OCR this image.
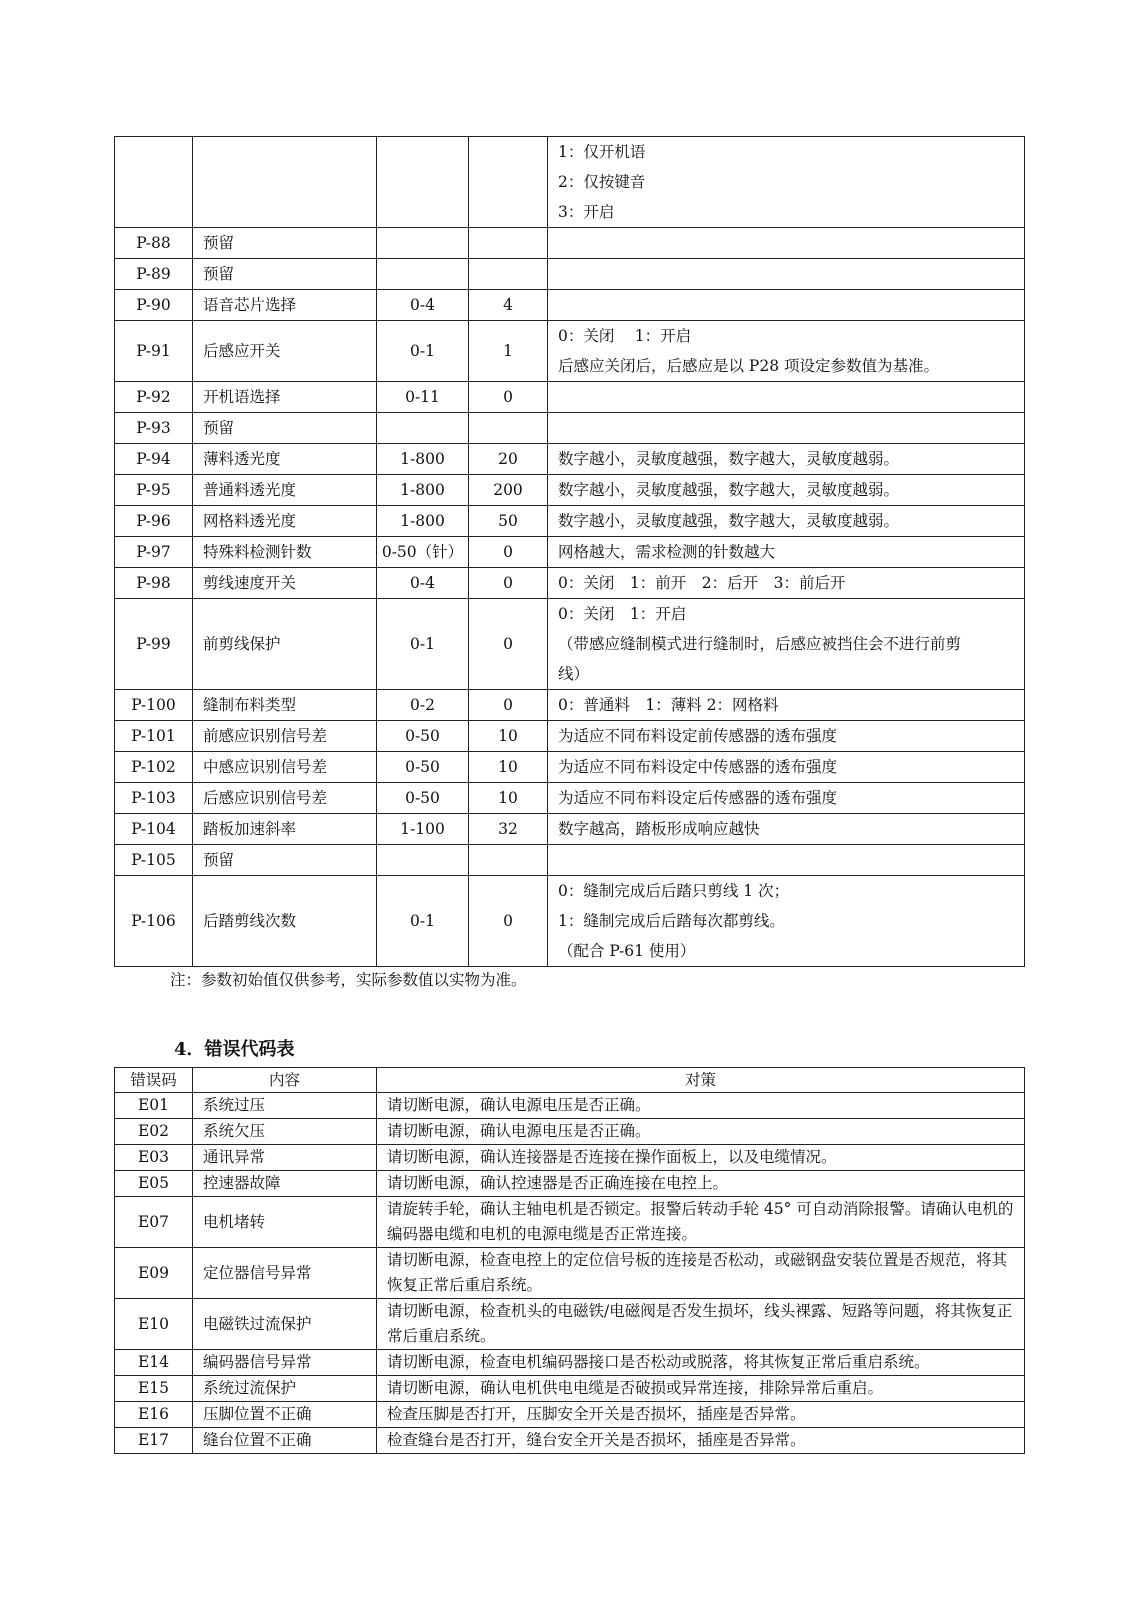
				1：仅开机语
2：仅按键音
3：开启

P-88	预留			
P-89	预留			
P-90	语音芯片选择	0-4	4	
P-91	后感应开关	0-1	1	0：关闭　 1：开启
后感应关闭后，后感应是以 P28 项设定参数值为基准。

P-92	开机语选择	0-11	0	
P-93	预留			
P-94	薄料透光度	1-800	20	数字越小，灵敏度越强，数字越大，灵敏度越弱。

P-95	普通料透光度	1-800	200	数字越小，灵敏度越强，数字越大，灵敏度越弱。

P-96	网格料透光度	1-800	50	数字越小，灵敏度越强，数字越大，灵敏度越弱。

P-97	特殊料检测针数	0-50（针）	0	网格越大，需求检测的针数越大

P-98	剪线速度开关	0-4	0	0：关闭　1：前开　2：后开　3：前后开

P-99	前剪线保护	0-1	0	0：关闭　1：开启
（带感应缝制模式进行缝制时，后感应被挡住会不进行前剪
线）

P-100	缝制布料类型	0-2	0	0：普通料　1：薄料 2：网格料

P-101	前感应识别信号差	0-50	10	为适应不同布料设定前传感器的透布强度

P-102	中感应识别信号差	0-50	10	为适应不同布料设定中传感器的透布强度

P-103	后感应识别信号差	0-50	10	为适应不同布料设定后传感器的透布强度

P-104	踏板加速斜率	1-100	32	数字越高，踏板形成响应越快

P-105	预留			
P-106	后踏剪线次数	0-1	0	0：缝制完成后后踏只剪线 1 次；
1：缝制完成后后踏每次都剪线。
（配合 P-61 使用）
注：参数初始值仅供参考，实际参数值以实物为准。
4．错误代码表
错误码	内容	对策
E01	系统过压	请切断电源，确认电源电压是否正确。
E02	系统欠压	请切断电源，确认电源电压是否正确。
E03	通讯异常	请切断电源，确认连接器是否连接在操作面板上，以及电缆情况。
E05	控速器故障	请切断电源，确认控速器是否正确连接在电控上。
E07	电机堵转	请旋转手轮，确认主轴电机是否锁定。报警后转动手轮 45° 可自动消除报警。请确认电机的编码器电缆和电机的电源电缆是否正常连接。
E09	定位器信号异常	请切断电源，检查电控上的定位信号板的连接是否松动，或磁钢盘安装位置是否规范，将其恢复正常后重启系统。
E10	电磁铁过流保护	请切断电源，检查机头的电磁铁/电磁阀是否发生损坏，线头裸露、短路等问题，将其恢复正常后重启系统。
E14	编码器信号异常	请切断电源，检查电机编码器接口是否松动或脱落，将其恢复正常后重启系统。
E15	系统过流保护	请切断电源，确认电机供电电缆是否破损或异常连接，排除异常后重启。
E16	压脚位置不正确	检查压脚是否打开，压脚安全开关是否损坏，插座是否异常。
E17	缝台位置不正确	检查缝台是否打开，缝台安全开关是否损坏，插座是否异常。
